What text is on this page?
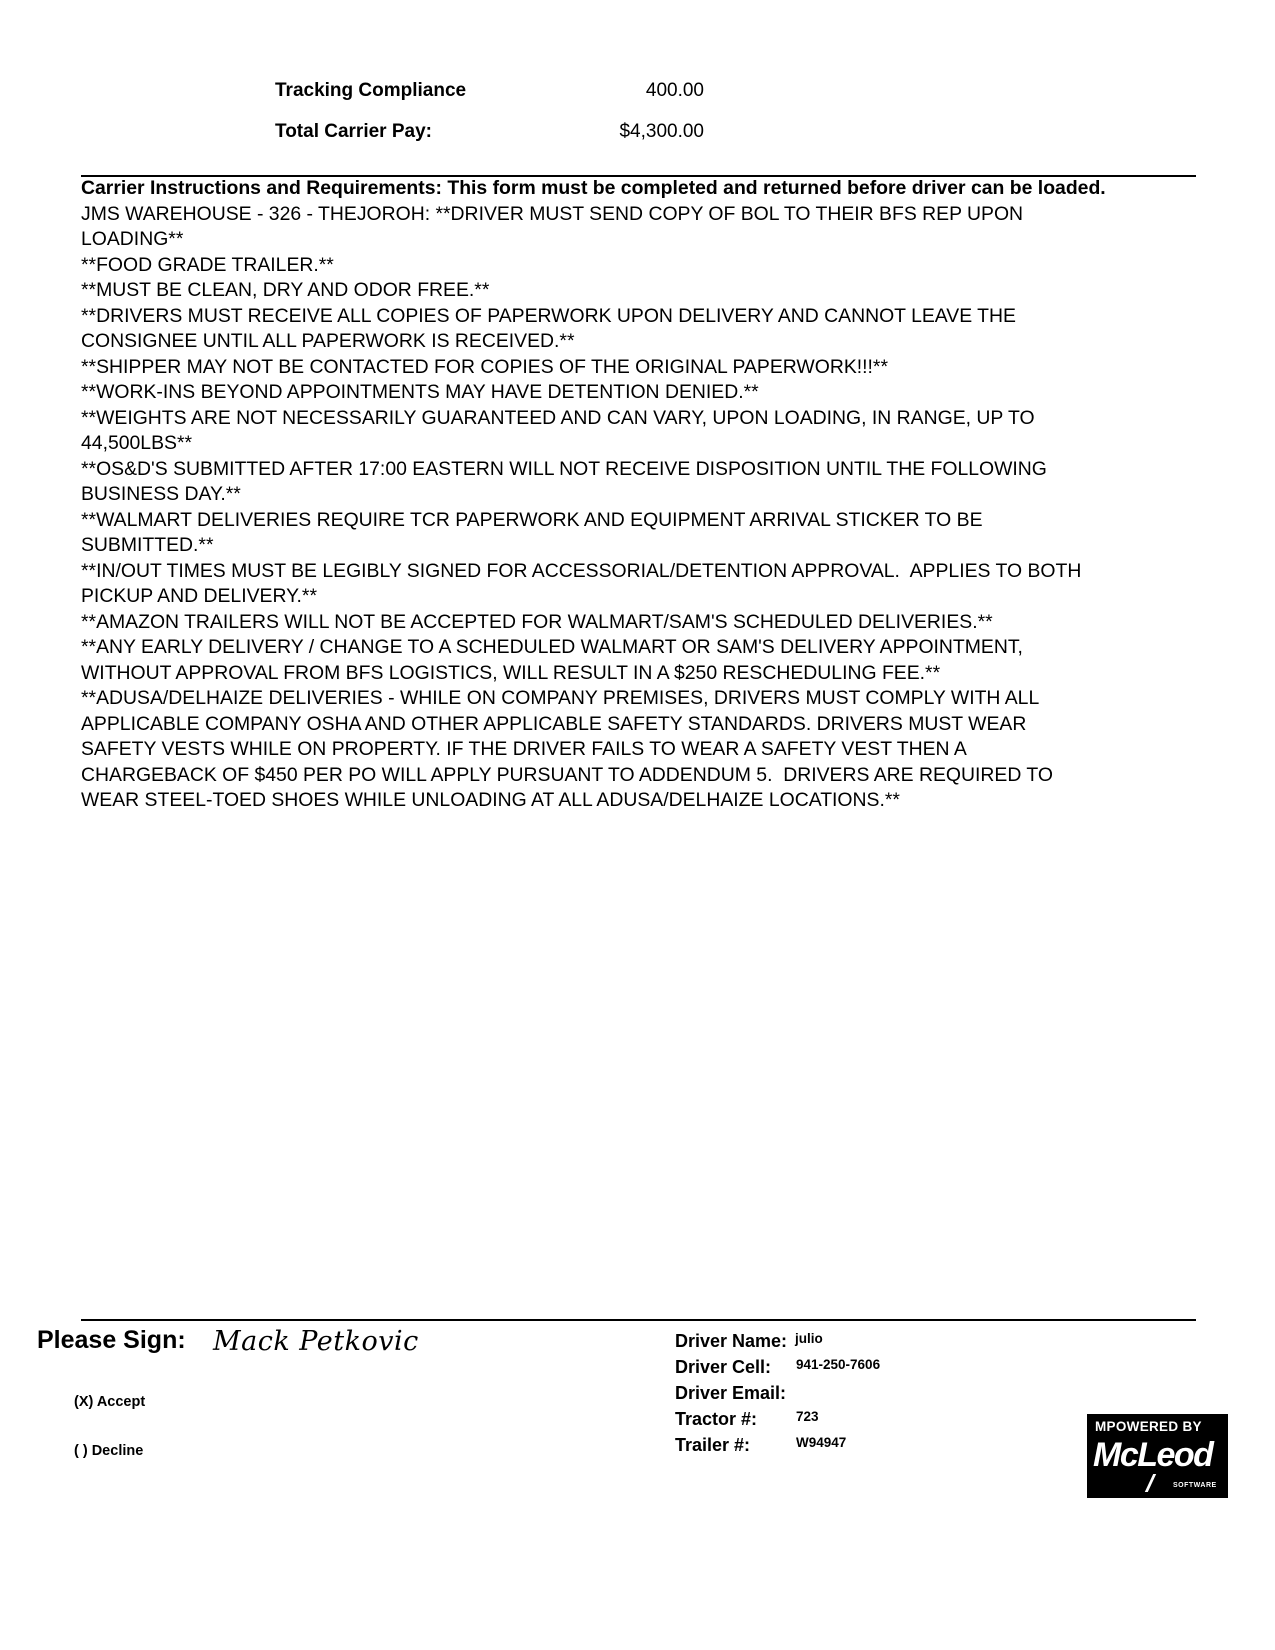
Tracking Compliance	400.00
Total Carrier Pay:	$4,300.00
Carrier Instructions and Requirements: This form must be completed and returned before driver can be loaded.
JMS WAREHOUSE - 326 - THEJOROH: **DRIVER MUST SEND COPY OF BOL TO THEIR BFS REP UPON
LOADING**
**FOOD GRADE TRAILER.**
**MUST BE CLEAN, DRY AND ODOR FREE.**
**DRIVERS MUST RECEIVE ALL COPIES OF PAPERWORK UPON DELIVERY AND CANNOT LEAVE THE
CONSIGNEE UNTIL ALL PAPERWORK IS RECEIVED.**
**SHIPPER MAY NOT BE CONTACTED FOR COPIES OF THE ORIGINAL PAPERWORK!!!**
**WORK-INS BEYOND APPOINTMENTS MAY HAVE DETENTION DENIED.**
**WEIGHTS ARE NOT NECESSARILY GUARANTEED AND CAN VARY, UPON LOADING, IN RANGE, UP TO
44,500LBS**
**OS&D'S SUBMITTED AFTER 17:00 EASTERN WILL NOT RECEIVE DISPOSITION UNTIL THE FOLLOWING
BUSINESS DAY.**
**WALMART DELIVERIES REQUIRE TCR PAPERWORK AND EQUIPMENT ARRIVAL STICKER TO BE
SUBMITTED.**
**IN/OUT TIMES MUST BE LEGIBLY SIGNED FOR ACCESSORIAL/DETENTION APPROVAL.  APPLIES TO BOTH
PICKUP AND DELIVERY.**
**AMAZON TRAILERS WILL NOT BE ACCEPTED FOR WALMART/SAM'S SCHEDULED DELIVERIES.**
**ANY EARLY DELIVERY / CHANGE TO A SCHEDULED WALMART OR SAM'S DELIVERY APPOINTMENT,
WITHOUT APPROVAL FROM BFS LOGISTICS, WILL RESULT IN A $250 RESCHEDULING FEE.**
**ADUSA/DELHAIZE DELIVERIES - WHILE ON COMPANY PREMISES, DRIVERS MUST COMPLY WITH ALL
APPLICABLE COMPANY OSHA AND OTHER APPLICABLE SAFETY STANDARDS. DRIVERS MUST WEAR
SAFETY VESTS WHILE ON PROPERTY. IF THE DRIVER FAILS TO WEAR A SAFETY VEST THEN A
CHARGEBACK OF $450 PER PO WILL APPLY PURSUANT TO ADDENDUM 5.  DRIVERS ARE REQUIRED TO
WEAR STEEL-TOED SHOES WHILE UNLOADING AT ALL ADUSA/DELHAIZE LOCATIONS.**
Please Sign: Mack Petkovic
(X) Accept
( ) Decline
Driver Name: julio
Driver Cell: 941-250-7606
Driver Email:
Tractor #:	723
Trailer #:	W94947
MPOWERED BY
McLeod
SOFTWARE
